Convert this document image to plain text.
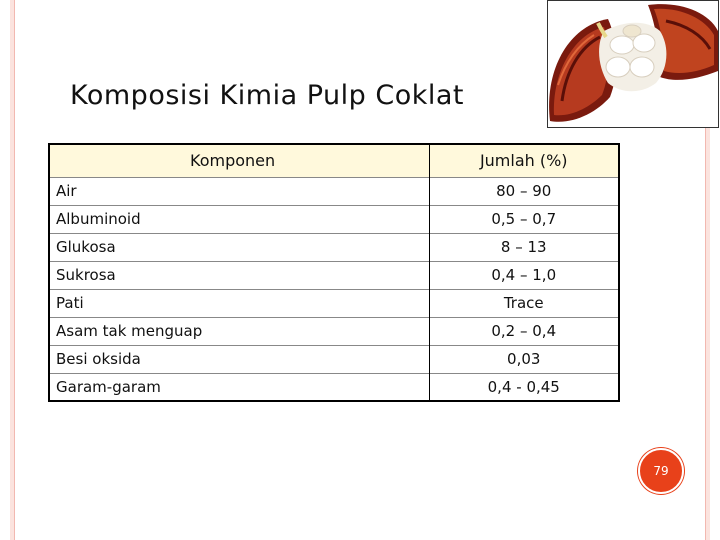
Komposisi Kimia Pulp Coklat
Komponen	Jumlah (%)
Air	80 – 90
Albuminoid	0,5 – 0,7
Glukosa	8 – 13
Sukrosa	0,4 – 1,0
Pati	Trace
Asam tak menguap	0,2 – 0,4
Besi oksida	0,03
Garam-garam	0,4 - 0,45
79
